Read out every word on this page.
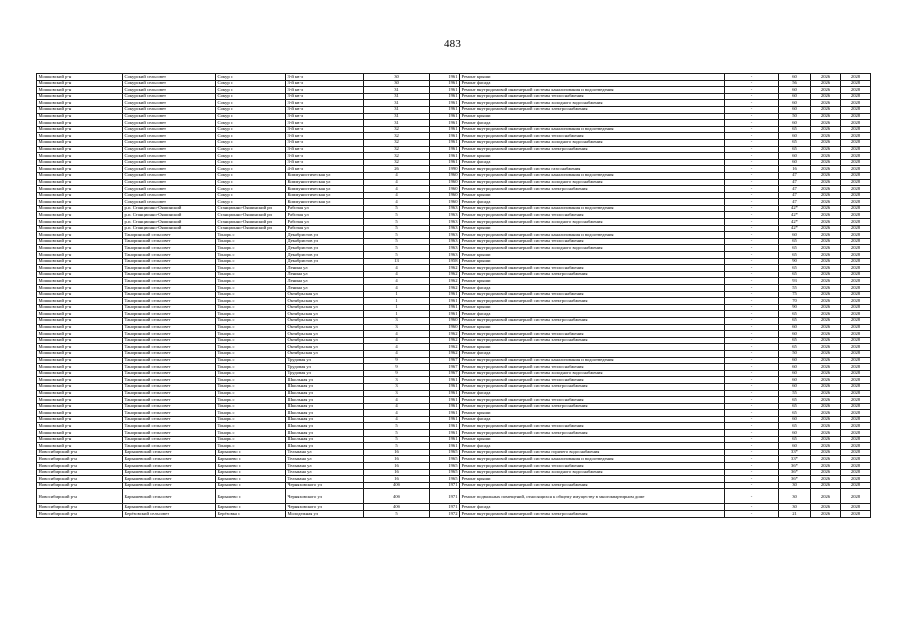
483
Мошковский р-н	Сокурский сельсовет	Сокур с	3-й кв-л	30	1961	Ремонт крыши	-	60	2026	2028
Мошковский р-н	Сокурский сельсовет	Сокур с	3-й кв-л	30	1961	Ремонт фасада	-	56	2026	2028
Мошковский р-н	Сокурский сельсовет	Сокур с	3-й кв-л	31	1961	Ремонт внутридомовой инженерной системы канализования и водоотведения	-	60	2026	2028
Мошковский р-н	Сокурский сельсовет	Сокур с	3-й кв-л	31	1961	Ремонт внутридомовой инженерной системы теплоснабжения	-	60	2026	2028
Мошковский р-н	Сокурский сельсовет	Сокур с	3-й кв-л	31	1961	Ремонт внутридомовой инженерной системы холодного водоснабжения	-	60	2026	2028
Мошковский р-н	Сокурский сельсовет	Сокур с	3-й кв-л	31	1961	Ремонт внутридомовой инженерной системы электроснабжения	-	60	2026	2028
Мошковский р-н	Сокурский сельсовет	Сокур с	3-й кв-л	31	1961	Ремонт крыши	-	50	2026	2028
Мошковский р-н	Сокурский сельсовет	Сокур с	3-й кв-л	31	1961	Ремонт фасада	-	60	2026	2028
Мошковский р-н	Сокурский сельсовет	Сокур с	3-й кв-л	32	1961	Ремонт внутридомовой инженерной системы канализования и водоотведения	-	65	2026	2028
Мошковский р-н	Сокурский сельсовет	Сокур с	3-й кв-л	32	1961	Ремонт внутридомовой инженерной системы теплоснабжения	-	60	2026	2028
Мошковский р-н	Сокурский сельсовет	Сокур с	3-й кв-л	32	1961	Ремонт внутридомовой инженерной системы холодного водоснабжения	-	65	2026	2028
Мошковский р-н	Сокурский сельсовет	Сокур с	3-й кв-л	32	1961	Ремонт внутридомовой инженерной системы электроснабжения	-	65	2026	2028
Мошковский р-н	Сокурский сельсовет	Сокур с	3-й кв-л	32	1961	Ремонт крыши	-	60	2026	2028
Мошковский р-н	Сокурский сельсовет	Сокур с	3-й кв-л	32	1961	Ремонт фасада	-	60	2026	2028
Мошковский р-н	Сокурский сельсовет	Сокур с	4-й кв-л	26	1990	Ремонт внутридомовой инженерной системы газоснабжения	-	16	2026	2028
Мошковский р-н	Сокурский сельсовет	Сокур с	Коммунистическая ул	4	1960	Ремонт внутридомовой инженерной системы канализования и водоотведения	-	47	2026	2028
Мошковский р-н	Сокурский сельсовет	Сокур с	Коммунистическая ул	4	1960	Ремонт внутридомовой инженерной системы холодного водоснабжения	-	47	2026	2028
Мошковский р-н	Сокурский сельсовет	Сокур с	Коммунистическая ул	4	1960	Ремонт внутридомовой инженерной системы электроснабжения	-	47	2026	2028
Мошковский р-н	Сокурский сельсовет	Сокур с	Коммунистическая ул	4	1960	Ремонт крыши	-	47	2026	2028
Мошковский р-н	Сокурский сельсовет	Сокур с	Коммунистическая ул	4	1960	Ремонт фасада	-	47	2026	2028
Мошковский р-н	р.п. Станционно-Ояшинский	Станционно-Ояшинский рп	Рабочая ул	5	1963	Ремонт внутридомовой инженерной системы канализования и водоотведения	-	42*	2026	2028
Мошковский р-н	р.п. Станционно-Ояшинский	Станционно-Ояшинский рп	Рабочая ул	5	1963	Ремонт внутридомовой инженерной системы теплоснабжения	-	42*	2026	2028
Мошковский р-н	р.п. Станционно-Ояшинский	Станционно-Ояшинский рп	Рабочая ул	5	1963	Ремонт внутридомовой инженерной системы холодного водоснабжения	-	42*	2026	2028
Мошковский р-н	р.п. Станционно-Ояшинский	Станционно-Ояшинский рп	Рабочая ул	5	1963	Ремонт крыши	-	42*	2026	2028
Мошковский р-н	Таноринский сельсовет	Тонорь с	Декабристов ул	5	1963	Ремонт внутридомовой инженерной системы канализования и водоотведения	-	60	2026	2028
Мошковский р-н	Таноринский сельсовет	Тонорь с	Декабристов ул	5	1963	Ремонт внутридомовой инженерной системы теплоснабжения	-	65	2026	2028
Мошковский р-н	Таноринский сельсовет	Тонорь с	Декабристов ул	5	1963	Ремонт внутридомовой инженерной системы холодного водоснабжения	-	65	2026	2028
Мошковский р-н	Таноринский сельсовет	Тонорь с	Декабристов ул	5	1963	Ремонт крыши	-	65	2026	2028
Мошковский р-н	Таноринский сельсовет	Тонорь с	Декабристов ул	13	1958	Ремонт крыши	-	90	2026	2028
Мошковский р-н	Таноринский сельсовет	Тонорь с	Ленина ул	4	1962	Ремонт внутридомовой инженерной системы теплоснабжения	-	65	2026	2028
Мошковский р-н	Таноринский сельсовет	Тонорь с	Ленина ул	4	1962	Ремонт внутридомовой инженерной системы электроснабжения	-	65	2026	2028
Мошковский р-н	Таноринский сельсовет	Тонорь с	Ленина ул	4	1962	Ремонт крыши	-	93	2026	2028
Мошковский р-н	Таноринский сельсовет	Тонорь с	Ленина ул	4	1962	Ремонт фасада	-	55	2026	2028
Мошковский р-н	Таноринский сельсовет	Тонорь с	Октябрьская ул	1	1961	Ремонт внутридомовой инженерной системы теплоснабжения	-	75	2026	2028
Мошковский р-н	Таноринский сельсовет	Тонорь с	Октябрьская ул	1	1961	Ремонт внутридомовой инженерной системы электроснабжения	-	70	2026	2028
Мошковский р-н	Таноринский сельсовет	Тонорь с	Октябрьская ул	1	1961	Ремонт крыши	-	90	2026	2028
Мошковский р-н	Таноринский сельсовет	Тонорь с	Октябрьская ул	1	1961	Ремонт фасада	-	65	2026	2028
Мошковский р-н	Таноринский сельсовет	Тонорь с	Октябрьская ул	3	1960	Ремонт внутридомовой инженерной системы электроснабжения	-	65	2026	2028
Мошковский р-н	Таноринский сельсовет	Тонорь с	Октябрьская ул	3	1960	Ремонт крыши	-	60	2026	2028
Мошковский р-н	Таноринский сельсовет	Тонорь с	Октябрьская ул	4	1962	Ремонт внутридомовой инженерной системы теплоснабжения	-	60	2026	2028
Мошковский р-н	Таноринский сельсовет	Тонорь с	Октябрьская ул	4	1962	Ремонт внутридомовой инженерной системы электроснабжения	-	65	2026	2028
Мошковский р-н	Таноринский сельсовет	Тонорь с	Октябрьская ул	4	1962	Ремонт крыши	-	65	2026	2028
Мошковский р-н	Таноринский сельсовет	Тонорь с	Октябрьская ул	4	1962	Ремонт фасада	-	50	2026	2028
Мошковский р-н	Таноринский сельсовет	Тонорь с	Трудовая ул	9	1967	Ремонт внутридомовой инженерной системы канализования и водоотведения	-	60	2026	2028
Мошковский р-н	Таноринский сельсовет	Тонорь с	Трудовая ул	9	1967	Ремонт внутридомовой инженерной системы теплоснабжения	-	60	2026	2028
Мошковский р-н	Таноринский сельсовет	Тонорь с	Трудовая ул	9	1967	Ремонт внутридомовой инженерной системы холодного водоснабжения	-	60	2026	2028
Мошковский р-н	Таноринский сельсовет	Тонорь с	Школьная ул	3	1961	Ремонт внутридомовой инженерной системы теплоснабжения	-	60	2026	2028
Мошковский р-н	Таноринский сельсовет	Тонорь с	Школьная ул	3	1961	Ремонт внутридомовой инженерной системы электроснабжения	-	60	2026	2028
Мошковский р-н	Таноринский сельсовет	Тонорь с	Школьная ул	3	1961	Ремонт фасада	-	55	2026	2028
Мошковский р-н	Таноринский сельсовет	Тонорь с	Школьная ул	4	1961	Ремонт внутридомовой инженерной системы теплоснабжения	-	65	2026	2028
Мошковский р-н	Таноринский сельсовет	Тонорь с	Школьная ул	4	1961	Ремонт внутридомовой инженерной системы электроснабжения	-	65	2026	2028
Мошковский р-н	Таноринский сельсовет	Тонорь с	Школьная ул	4	1961	Ремонт крыши	-	65	2026	2028
Мошковский р-н	Таноринский сельсовет	Тонорь с	Школьная ул	4	1961	Ремонт фасада	-	60	2026	2028
Мошковский р-н	Таноринский сельсовет	Тонорь с	Школьная ул	5	1961	Ремонт внутридомовой инженерной системы теплоснабжения	-	65	2026	2028
Мошковский р-н	Таноринский сельсовет	Тонорь с	Школьная ул	5	1961	Ремонт внутридомовой инженерной системы электроснабжения	-	60	2026	2028
Мошковский р-н	Таноринский сельсовет	Тонорь с	Школьная ул	5	1961	Ремонт крыши	-	65	2026	2028
Мошковский р-н	Таноринский сельсовет	Тонорь с	Школьная ул	5	1961	Ремонт фасада	-	60	2026	2028
Новосибирский р-н	Барышевский сельсовет	Барышево с	Тельмана ул	16	1965	Ремонт внутридомовой инженерной системы горячего водоснабжения	-	33*	2026	2028
Новосибирский р-н	Барышевский сельсовет	Барышево с	Тельмана ул	16	1965	Ремонт внутридомовой инженерной системы канализования и водоотведения	-	33*	2026	2028
Новосибирский р-н	Барышевский сельсовет	Барышево с	Тельмана ул	16	1965	Ремонт внутридомовой инженерной системы теплоснабжения	-	36*	2026	2028
Новосибирский р-н	Барышевский сельсовет	Барышево с	Тельмана ул	16	1965	Ремонт внутридомовой инженерной системы холодного водоснабжения	-	36*	2026	2028
Новосибирский р-н	Барышевский сельсовет	Барышево с	Тельмана ул	16	1965	Ремонт крыши	-	36*	2026	2028
Новосибирский р-н	Барышевский сельсовет	Барышево с	Черняховского ул	40б	1971	Ремонт внутридомовой инженерной системы электроснабжения	-	30	2026	2028
Новосибирский р-н	Барышевский сельсовет	Барышево с	Черняховского ул	40б	1971	Ремонт подвальных помещений, относящихся к общему имуществу в многоквартирном доме	-	30	2026	2028
Новосибирский р-н	Барышевский сельсовет	Барышево с	Черняховского ул	40б	1971	Ремонт фасада	-	30	2026	2028
Новосибирский р-н	Берёзовский сельсовет	Берёзовка с	Молодежная ул	5	1972	Ремонт внутридомовой инженерной системы электроснабжения	-	21	2026	2028
